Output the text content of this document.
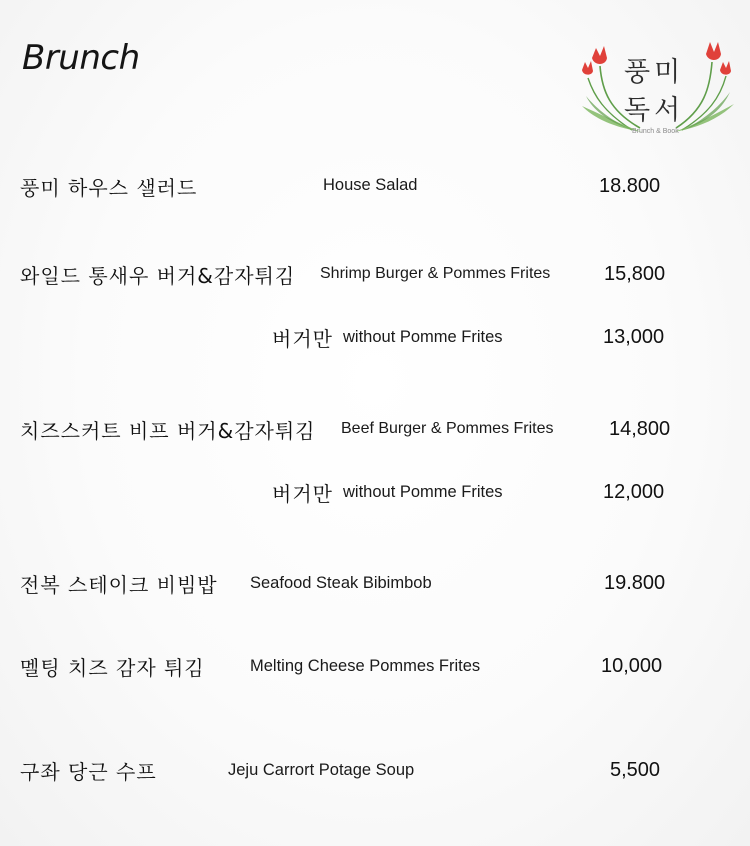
Brunch	풍미
독서
Brunch & Book
풍미 하우스 샐러드	House Salad	18.800
와일드 통새우 버거&감자튀김 Shrimp Burger & Pommes Frites	15,800
버거만 without Pomme Frites	13,000
치즈스커트 비프 버거&감자튀김 Beef Burger & Pommes Frites	14,800
버거만 without Pomme Frites	12,000
전복 스테이크 비빔밥 Seafood Steak Bibimbob	19.800
멜팅 치즈 감자 튀김	Melting Cheese Pommes Frites	10,000
구좌 당근 수프	Jeju Carrort Potage Soup	5,500
